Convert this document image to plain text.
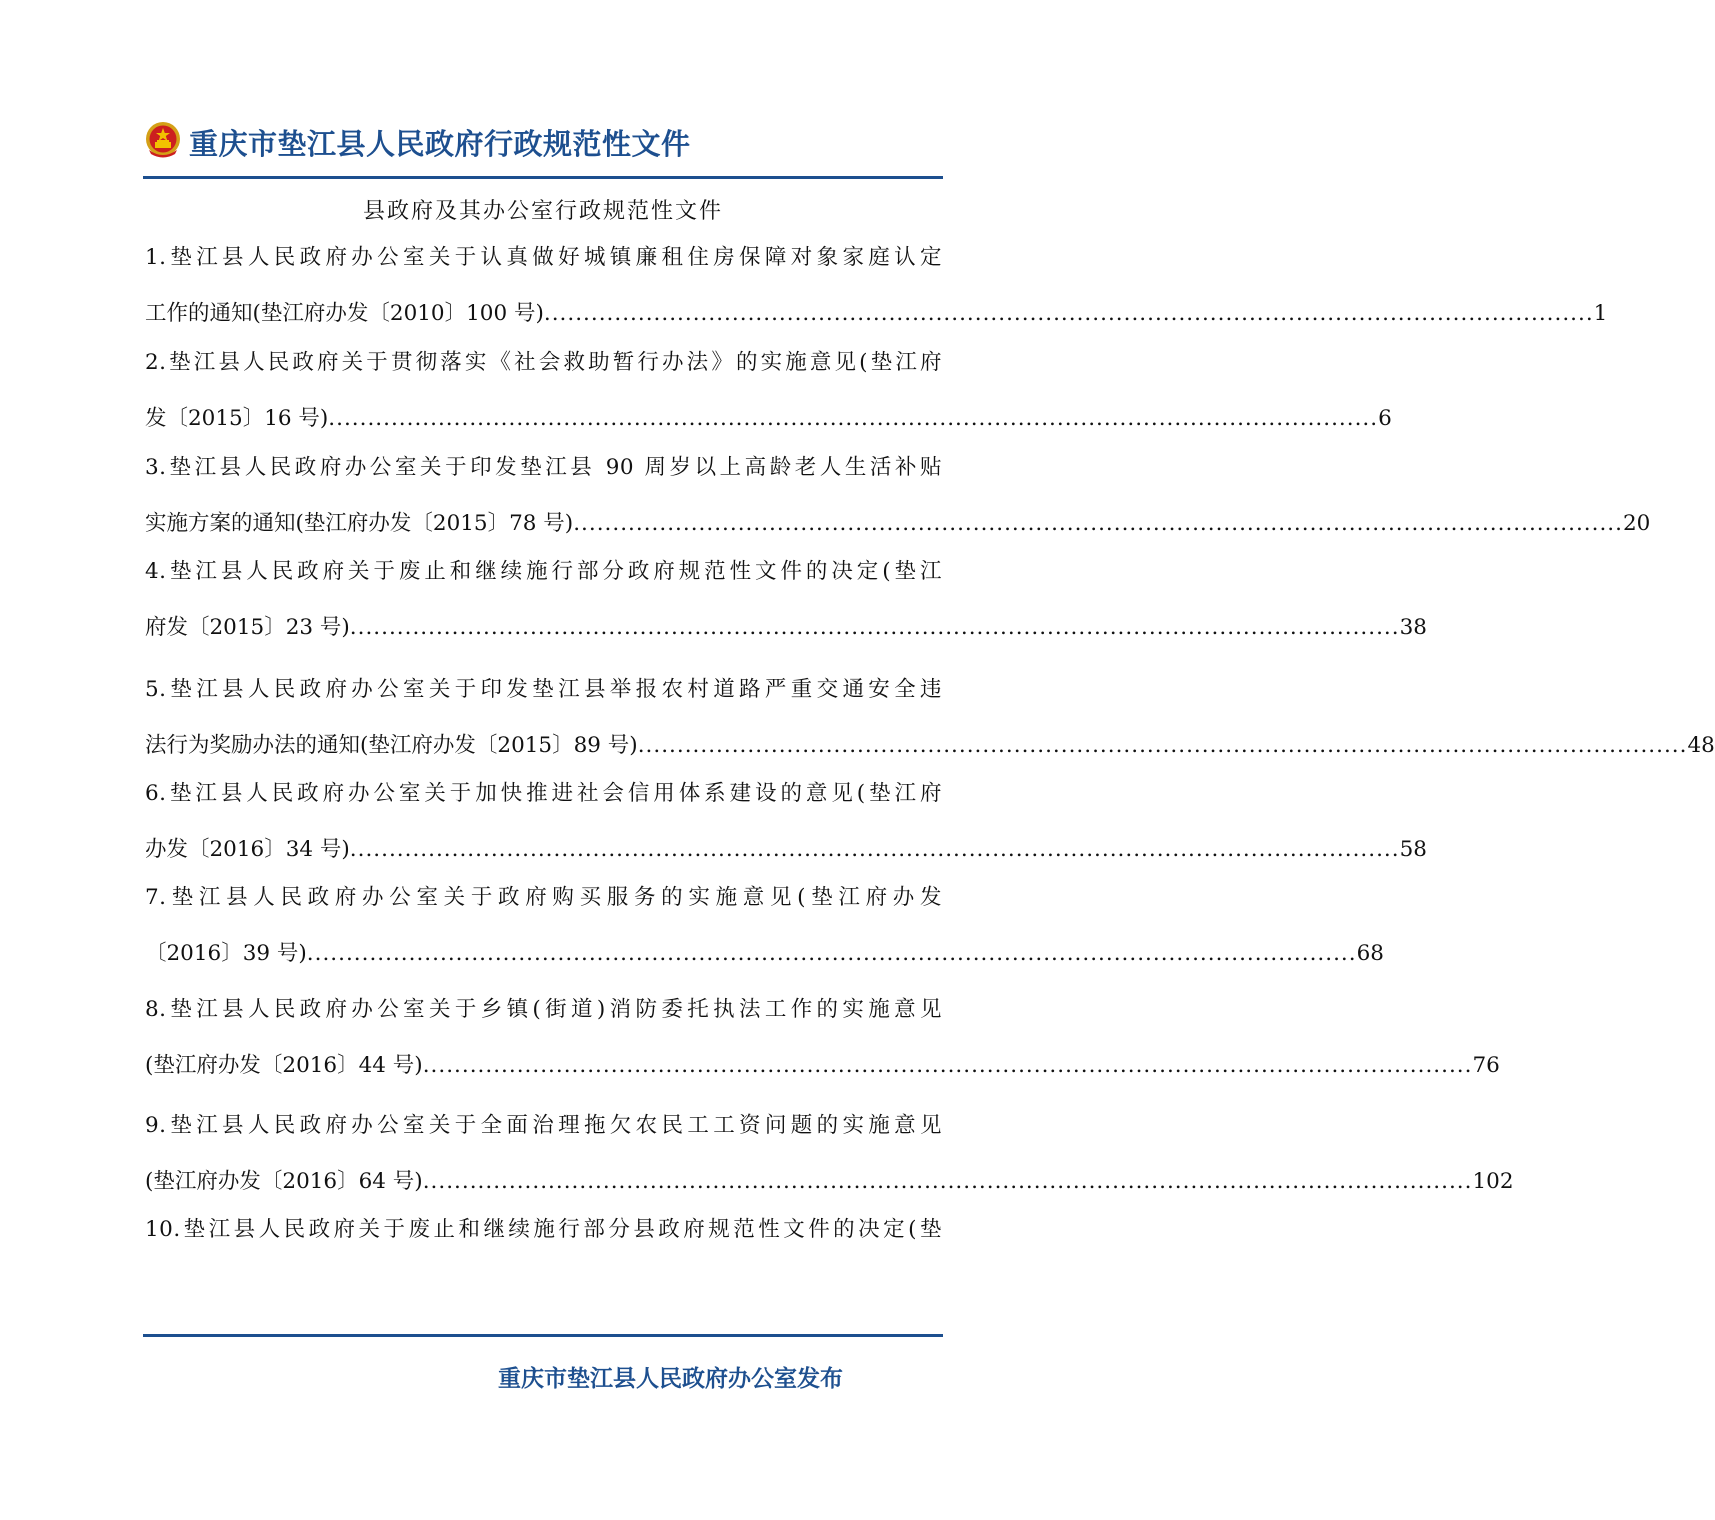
重庆市垫江县人民政府行政规范性文件
县政府及其办公室行政规范性文件
1.垫江县人民政府办公室关于认真做好城镇廉租住房保障对象家庭认定
工作的通知(垫江府办发〔2010〕100 号) ...................................................................................................................................... 1
2.垫江县人民政府关于贯彻落实《社会救助暂行办法》的实施意见(垫江府
发〔2015〕16 号) ...................................................................................................................................... 6
3.垫江县人民政府办公室关于印发垫江县 90 周岁以上高龄老人生活补贴
实施方案的通知(垫江府办发〔2015〕78 号) ...................................................................................................................................... 20
4.垫江县人民政府关于废止和继续施行部分政府规范性文件的决定(垫江
府发〔2015〕23 号) ...................................................................................................................................... 38
5.垫江县人民政府办公室关于印发垫江县举报农村道路严重交通安全违
法行为奖励办法的通知(垫江府办发〔2015〕89 号) ...................................................................................................................................... 48
6.垫江县人民政府办公室关于加快推进社会信用体系建设的意见(垫江府
办发〔2016〕34 号) ...................................................................................................................................... 58
7.垫江县人民政府办公室关于政府购买服务的实施意见(垫江府办发
〔2016〕39 号) ...................................................................................................................................... 68
8.垫江县人民政府办公室关于乡镇(街道)消防委托执法工作的实施意见
(垫江府办发〔2016〕44 号) ...................................................................................................................................... 76
9.垫江县人民政府办公室关于全面治理拖欠农民工工资问题的实施意见
(垫江府办发〔2016〕64 号) ...................................................................................................................................... 102
10.垫江县人民政府关于废止和继续施行部分县政府规范性文件的决定(垫
重庆市垫江县人民政府办公室发布
